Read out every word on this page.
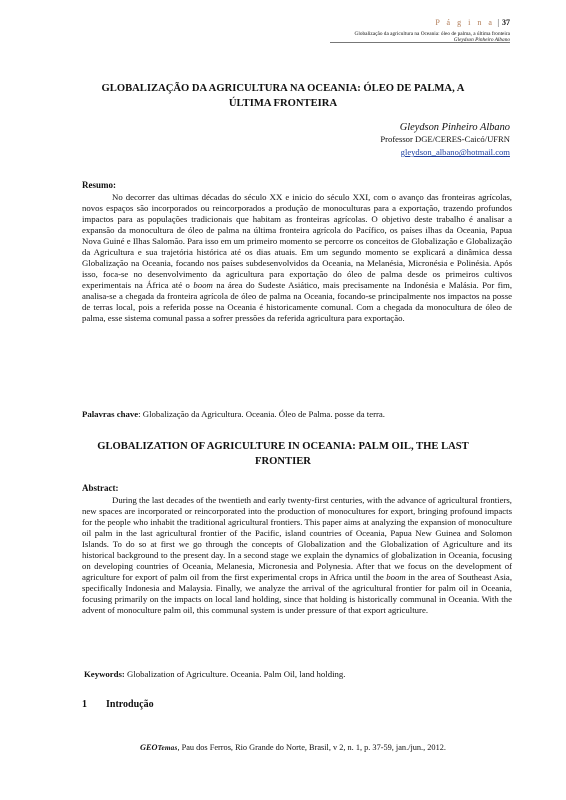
P á g i n a | 37
Globalização da agricultura na Oceania: óleo de palma, a última fronteira
Gleydson Pinheiro Albano
GLOBALIZAÇÃO DA AGRICULTURA NA OCEANIA: ÓLEO DE PALMA, A
ÚLTIMA FRONTEIRA
Gleydson Pinheiro Albano
Professor DGE/CERES-Caicó/UFRN
gleydson_albano@hotmail.com
Resumo:

No decorrer das ultimas décadas do século XX e inicio do século XXI, com o avanço das fronteiras agrícolas, novos espaços são incorporados ou reincorporados a produção de monoculturas para a exportação, trazendo profundos impactos para as populações tradicionais que habitam as fronteiras agrícolas. O objetivo deste trabalho é analisar a expansão da monocultura de óleo de palma na última fronteira agrícola do Pacífico, os países ilhas da Oceania, Papua Nova Guiné e Ilhas Salomão. Para isso em um primeiro momento se percorre os conceitos de Globalização e Globalização da Agricultura e sua trajetória histórica até os dias atuais. Em um segundo momento se explicará a dinâmica dessa Globalização na Oceania, focando nos países subdesenvolvidos da Oceania, na Melanésia, Micronésia e Polinésia. Após isso, foca-se no desenvolvimento da agricultura para exportação do óleo de palma desde os primeiros cultivos experimentais na África até o boom na área do Sudeste Asiático, mais precisamente na Indonésia e Malásia. Por fim, analisa-se a chegada da fronteira agrícola de óleo de palma na Oceania, focando-se principalmente nos impactos na posse de terras local, pois a referida posse na Oceania é historicamente comunal. Com a chegada da monocultura de óleo de palma, esse sistema comunal passa a sofrer pressões da referida agricultura para exportação.

Palavras chave: Globalização da Agricultura. Oceania. Óleo de Palma. posse da terra.

GLOBALIZATION OF AGRICULTURE IN OCEANIA: PALM OIL, THE LAST
FRONTIER
Abstract:

During the last decades of the twentieth and early twenty-first centuries, with the advance of agricultural frontiers, new spaces are incorporated or reincorporated into the production of monocultures for export, bringing profound impacts for the people who inhabit the traditional agricultural frontiers. This paper aims at analyzing the expansion of monoculture oil palm in the last agricultural frontier of the Pacific, island countries of Oceania, Papua New Guinea and Solomon Islands. To do so at first we go through the concepts of Globalization and the Globalization of Agriculture and its historical background to the present day. In a second stage we explain the dynamics of globalization in Oceania, focusing on developing countries of Oceania, Melanesia, Micronesia and Polynesia. After that we focus on the development of agriculture for export of palm oil from the first experimental crops in Africa until the boom in the area of Southeast Asia, specifically Indonesia and Malaysia. Finally, we analyze the arrival of the agricultural frontier for palm oil in Oceania, focusing primarily on the impacts on local land holding, since that holding is historically communal in Oceania. With the advent of monoculture palm oil, this communal system is under pressure of that export agriculture.

Keywords: Globalization of Agriculture. Oceania. Palm Oil, land holding.

1 Introdução
GEOTemas, Pau dos Ferros, Rio Grande do Norte, Brasil, v 2, n. 1, p. 37-59, jan./jun., 2012.
